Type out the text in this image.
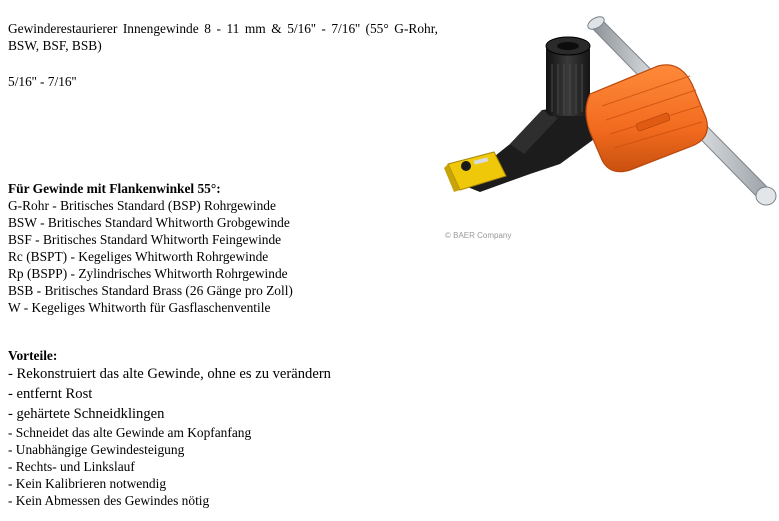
Gewinderestaurierer Innengewinde 8 - 11 mm & 5/16'' - 7/16'' (55° G-Rohr, BSW, BSF, BSB)
5/16'' - 7/16''
© BAER Company
Für Gewinde mit Flankenwinkel 55°:
G-Rohr - Britisches Standard (BSP) Rohrgewinde
BSW - Britisches Standard Whitworth Grobgewinde
BSF - Britisches Standard Whitworth Feingewinde
Rc (BSPT) - Kegeliges Whitworth Rohrgewinde
Rp (BSPP) - Zylindrisches Whitworth Rohrgewinde
BSB - Britisches Standard Brass (26 Gänge pro Zoll)
W - Kegeliges Whitworth für Gasflaschenventile
Vorteile:
- Rekonstruiert das alte Gewinde, ohne es zu verändern
- entfernt Rost
- gehärtete Schneidklingen
- Schneidet das alte Gewinde am Kopfanfang
- Unabhängige Gewindesteigung
- Rechts- und Linkslauf
- Kein Kalibrieren notwendig
- Kein Abmessen des Gewindes nötig
